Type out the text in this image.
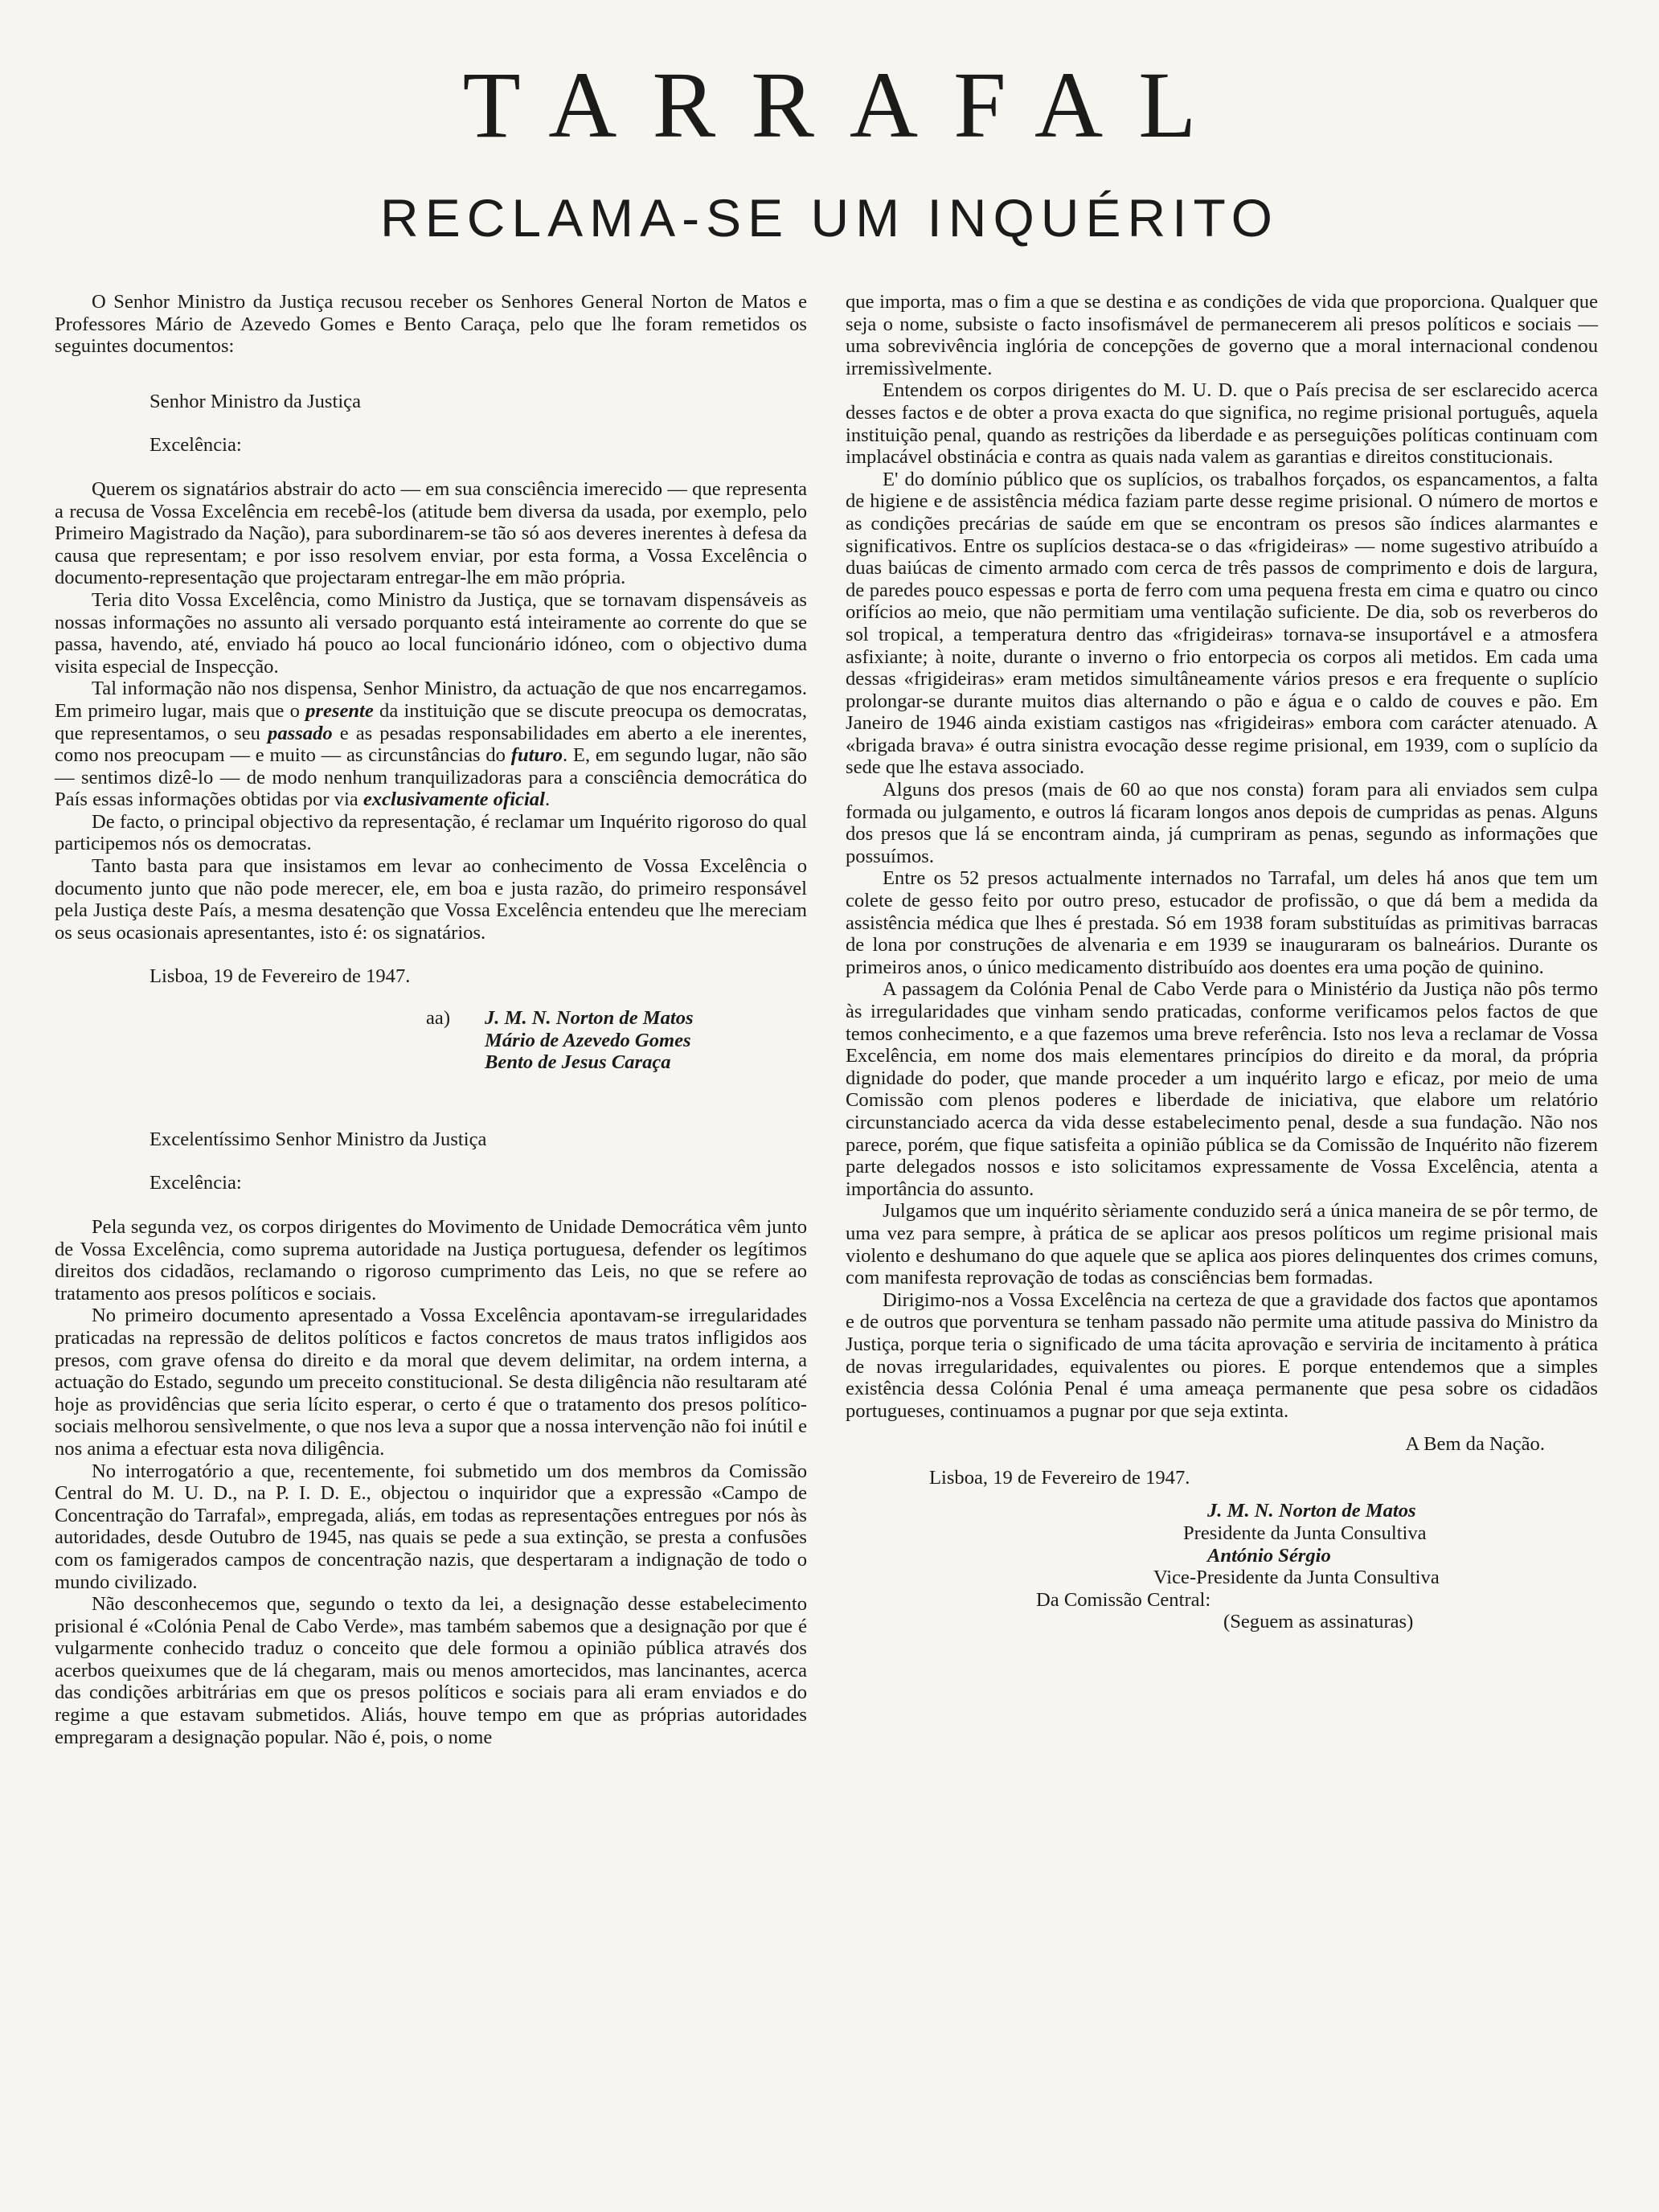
TARRAFAL
RECLAMA-SE UM INQUÉRITO

O Senhor Ministro da Justiça recusou receber os Senhores General Norton de Matos e Professores Mário de Azevedo Gomes e Bento Caraça, pelo que lhe foram remetidos os seguintes documentos:

Senhor Ministro da Justiça

Excelência:

Querem os signatários abstrair do acto — em sua consciência imerecido — que representa a recusa de Vossa Excelência em recebê-los (atitude bem diversa da usada, por exemplo, pelo Primeiro Magistrado da Nação), para subordinarem-se tão só aos deveres inerentes à defesa da causa que representam; e por isso resolvem enviar, por esta forma, a Vossa Excelência o documento-representação que projectaram entregar-lhe em mão própria.

Teria dito Vossa Excelência, como Ministro da Justiça, que se tornavam dispensáveis as nossas informações no assunto ali versado porquanto está inteiramente ao corrente do que se passa, havendo, até, enviado há pouco ao local funcionário idóneo, com o objectivo duma visita especial de Inspecção.

Tal informação não nos dispensa, Senhor Ministro, da actuação de que nos encarregamos. Em primeiro lugar, mais que o presente da instituição que se discute preocupa os democratas, que representamos, o seu passado e as pesadas responsabilidades em aberto a ele inerentes, como nos preocupam — e muito — as circunstâncias do futuro. E, em segundo lugar, não são — sentimos dizê-lo — de modo nenhum tranquilizadoras para a consciência democrática do País essas informações obtidas por via exclusivamente oficial.

De facto, o principal objectivo da representação, é reclamar um Inquérito rigoroso do qual participemos nós os democratas.

Tanto basta para que insistamos em levar ao conhecimento de Vossa Excelência o documento junto que não pode merecer, ele, em boa e justa razão, do primeiro responsável pela Justiça deste País, a mesma desatenção que Vossa Excelência entendeu que lhe mereciam os seus ocasionais apresentantes, isto é: os signatários.

Lisboa, 19 de Fevereiro de 1947.

aa) J. M. N. Norton de Matos
Mário de Azevedo Gomes
Bento de Jesus Caraça

Excelentíssimo Senhor Ministro da Justiça

Excelência:

Pela segunda vez, os corpos dirigentes do Movimento de Unidade Democrática vêm junto de Vossa Excelência, como suprema autoridade na Justiça portuguesa, defender os legítimos direitos dos cidadãos, reclamando o rigoroso cumprimento das Leis, no que se refere ao tratamento aos presos políticos e sociais.

No primeiro documento apresentado a Vossa Excelência apontavam-se irregularidades praticadas na repressão de delitos políticos e factos concretos de maus tratos infligidos aos presos, com grave ofensa do direito e da moral que devem delimitar, na ordem interna, a actuação do Estado, segundo um preceito constitucional. Se desta diligência não resultaram até hoje as providências que seria lícito esperar, o certo é que o tratamento dos presos político-sociais melhorou sensìvelmente, o que nos leva a supor que a nossa intervenção não foi inútil e nos anima a efectuar esta nova diligência.

No interrogatório a que, recentemente, foi submetido um dos membros da Comissão Central do M. U. D., na P. I. D. E., objectou o inquiridor que a expressão «Campo de Concentração do Tarrafal», empregada, aliás, em todas as representações entregues por nós às autoridades, desde Outubro de 1945, nas quais se pede a sua extinção, se presta a confusões com os famigerados campos de concentração nazis, que despertaram a indignação de todo o mundo civilizado.

Não desconhecemos que, segundo o texto da lei, a designação desse estabelecimento prisional é «Colónia Penal de Cabo Verde», mas também sabemos que a designação por que é vulgarmente conhecido traduz o conceito que dele formou a opinião pública através dos acerbos queixumes que de lá chegaram, mais ou menos amortecidos, mas lancinantes, acerca das condições arbitrárias em que os presos políticos e sociais para ali eram enviados e do regime a que estavam submetidos. Aliás, houve tempo em que as próprias autoridades empregaram a designação popular. Não é, pois, o nome

que importa, mas o fim a que se destina e as condições de vida que proporciona. Qualquer que seja o nome, subsiste o facto insofismável de permanecerem ali presos políticos e sociais — uma sobrevivência inglória de concepções de governo que a moral internacional condenou irremissìvelmente.

Entendem os corpos dirigentes do M. U. D. que o País precisa de ser esclarecido acerca desses factos e de obter a prova exacta do que significa, no regime prisional português, aquela instituição penal, quando as restrições da liberdade e as perseguições políticas continuam com implacável obstinácia e contra as quais nada valem as garantias e direitos constitucionais.

E' do domínio público que os suplícios, os trabalhos forçados, os espancamentos, a falta de higiene e de assistência médica faziam parte desse regime prisional. O número de mortos e as condições precárias de saúde em que se encontram os presos são índices alarmantes e significativos. Entre os suplícios destaca-se o das «frigideiras» — nome sugestivo atribuído a duas baiúcas de cimento armado com cerca de três passos de comprimento e dois de largura, de paredes pouco espessas e porta de ferro com uma pequena fresta em cima e quatro ou cinco orifícios ao meio, que não permitiam uma ventilação suficiente. De dia, sob os reverberos do sol tropical, a temperatura dentro das «frigideiras» tornava-se insuportável e a atmosfera asfixiante; à noite, durante o inverno o frio entorpecia os corpos ali metidos. Em cada uma dessas «frigideiras» eram metidos simultâneamente vários presos e era frequente o suplício prolongar-se durante muitos dias alternando o pão e água e o caldo de couves e pão. Em Janeiro de 1946 ainda existiam castigos nas «frigideiras» embora com carácter atenuado. A «brigada brava» é outra sinistra evocação desse regime prisional, em 1939, com o suplício da sede que lhe estava associado.

Alguns dos presos (mais de 60 ao que nos consta) foram para ali enviados sem culpa formada ou julgamento, e outros lá ficaram longos anos depois de cumpridas as penas. Alguns dos presos que lá se encontram ainda, já cumpriram as penas, segundo as informações que possuímos.

Entre os 52 presos actualmente internados no Tarrafal, um deles há anos que tem um colete de gesso feito por outro preso, estucador de profissão, o que dá bem a medida da assistência médica que lhes é prestada. Só em 1938 foram substituídas as primitivas barracas de lona por construções de alvenaria e em 1939 se inauguraram os balneários. Durante os primeiros anos, o único medicamento distribuído aos doentes era uma poção de quinino.

A passagem da Colónia Penal de Cabo Verde para o Ministério da Justiça não pôs termo às irregularidades que vinham sendo praticadas, conforme verificamos pelos factos de que temos conhecimento, e a que fazemos uma breve referência. Isto nos leva a reclamar de Vossa Excelência, em nome dos mais elementares princípios do direito e da moral, da própria dignidade do poder, que mande proceder a um inquérito largo e eficaz, por meio de uma Comissão com plenos poderes e liberdade de iniciativa, que elabore um relatório circunstanciado acerca da vida desse estabelecimento penal, desde a sua fundação. Não nos parece, porém, que fique satisfeita a opinião pública se da Comissão de Inquérito não fizerem parte delegados nossos e isto solicitamos expressamente de Vossa Excelência, atenta a importância do assunto.

Julgamos que um inquérito sèriamente conduzido será a única maneira de se pôr termo, de uma vez para sempre, à prática de se aplicar aos presos políticos um regime prisional mais violento e deshumano do que aquele que se aplica aos piores delinquentes dos crimes comuns, com manifesta reprovação de todas as consciências bem formadas.

Dirigimo-nos a Vossa Excelência na certeza de que a gravidade dos factos que apontamos e de outros que porventura se tenham passado não permite uma atitude passiva do Ministro da Justiça, porque teria o significado de uma tácita aprovação e serviria de incitamento à prática de novas irregularidades, equivalentes ou piores. E porque entendemos que a simples existência dessa Colónia Penal é uma ameaça permanente que pesa sobre os cidadãos portugueses, continuamos a pugnar por que seja extinta.

A Bem da Nação.

Lisboa, 19 de Fevereiro de 1947.

J. M. N. Norton de Matos
Presidente da Junta Consultiva
António Sérgio
Vice-Presidente da Junta Consultiva
Da Comissão Central:
(Seguem as assinaturas)
